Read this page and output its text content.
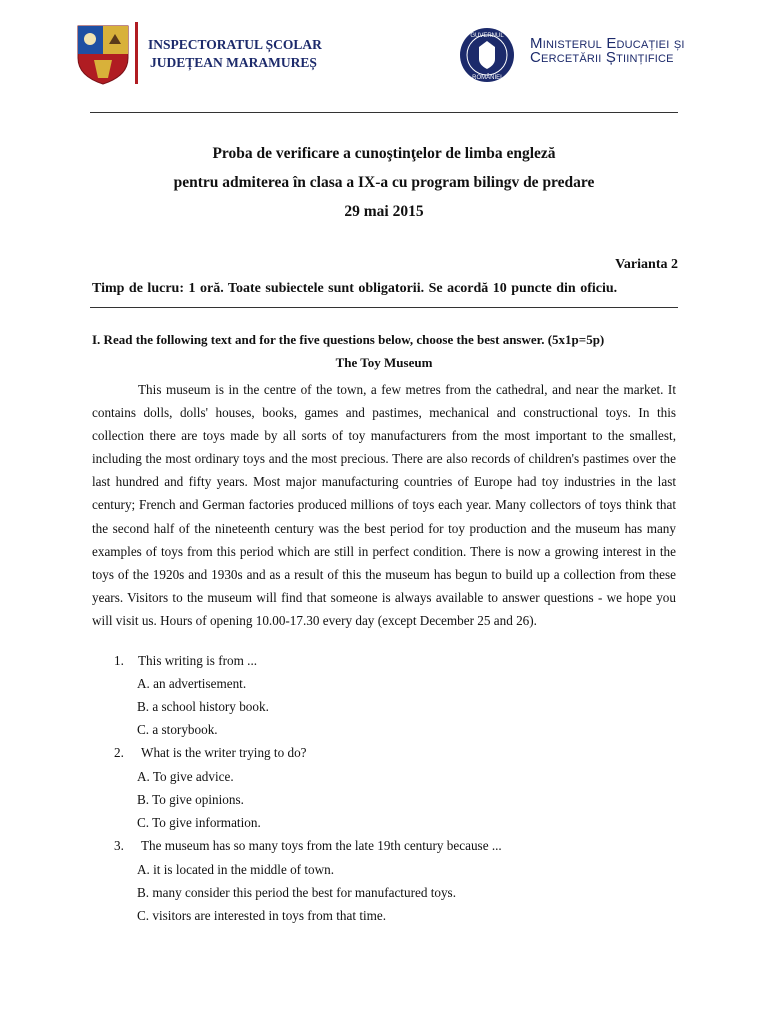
INSPECTORATUL ȘCOLAR
JUDEȚEAN MARAMUREȘ
GUVERNUL
ROMÂNIEI
Ministerul Educației și
Cercetării Științifice
Proba de verificare a cunoştinţelor de limba engleză
pentru admiterea în clasa a IX-a cu program bilingv de predare
29 mai 2015
Varianta 2
Timp de lucru: 1 oră. Toate subiectele sunt obligatorii. Se acordă 10 puncte din oficiu.
I. Read the following text and for the five questions below, choose the best answer. (5x1p=5p)
The Toy Museum
This museum is in the centre of the town, a few metres from the cathedral, and near the market. It contains dolls, dolls' houses, books, games and pastimes, mechanical and constructional toys. In this collection there are toys made by all sorts of toy manufacturers from the most important to the smallest, including the most ordinary toys and the most precious. There are also records of children's pastimes over the last hundred and fifty years. Most major manufacturing countries of Europe had toy industries in the last century; French and German factories produced millions of toys each year. Many collectors of toys think that the second half of the nineteenth century was the best period for toy production and the museum has many examples of toys from this period which are still in perfect condition. There is now a growing interest in the toys of the 1920s and 1930s and as a result of this the museum has begun to build up a collection from these years. Visitors to the museum will find that someone is always available to answer questions - we hope you will visit us. Hours of opening 10.00-17.30 every day (except December 25 and 26).
1.	This writing is from ...
A. an advertisement.
B. a school history book.
C. a storybook.
2.	What is the writer trying to do?
A. To give advice.
B. To give opinions.
C. To give information.
3.	The museum has so many toys from the late 19th century because ...
A. it is located in the middle of town.
B. many consider this period the best for manufactured toys.
C. visitors are interested in toys from that time.
